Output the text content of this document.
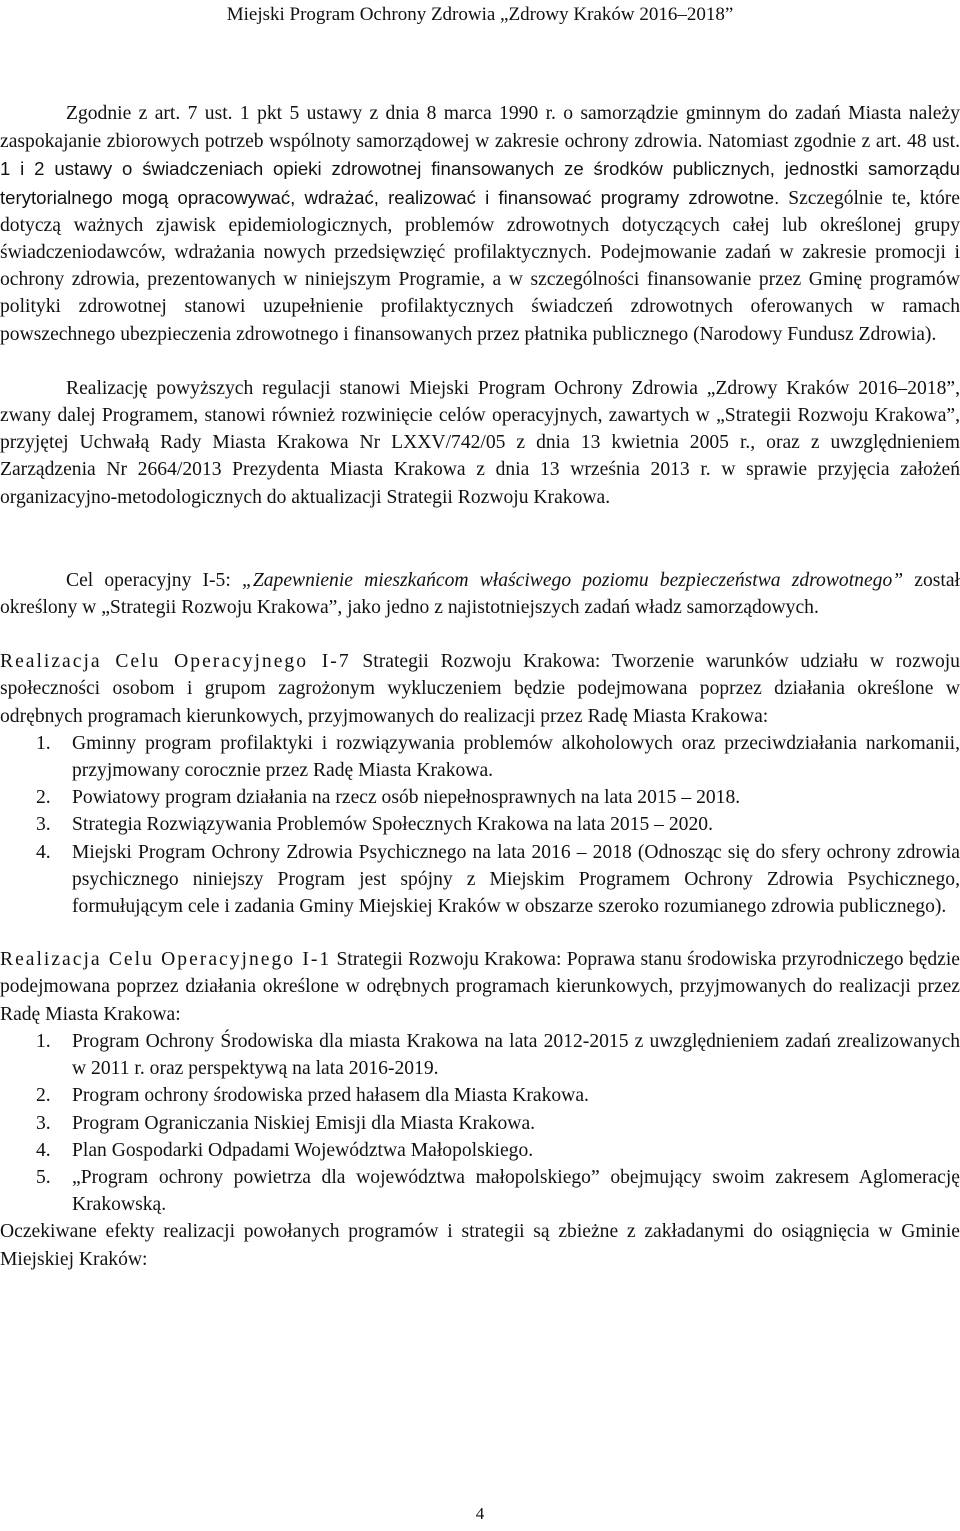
Miejski Program Ochrony Zdrowia „Zdrowy Kraków 2016–2018”

Zgodnie z art. 7 ust. 1 pkt 5 ustawy z dnia 8 marca 1990 r. o samorządzie gminnym do zadań Miasta należy zaspokajanie zbiorowych potrzeb wspólnoty samorządowej w zakresie ochrony zdrowia. Natomiast zgodnie z art. 48 ust. 1 i 2 ustawy o świadczeniach opieki zdrowotnej finansowanych ze środków publicznych, jednostki samorządu terytorialnego mogą opracowywać, wdrażać, realizować i finansować programy zdrowotne. Szczególnie te, które dotyczą ważnych zjawisk epidemiologicznych, problemów zdrowotnych dotyczących całej lub określonej grupy świadczeniodawców, wdrażania nowych przedsięwzięć profilaktycznych. Podejmowanie zadań w zakresie promocji i ochrony zdrowia, prezentowanych w niniejszym Programie, a w szczególności finansowanie przez Gminę programów polityki zdrowotnej stanowi uzupełnienie profilaktycznych świadczeń zdrowotnych oferowanych w ramach powszechnego ubezpieczenia zdrowotnego i finansowanych przez płatnika publicznego (Narodowy Fundusz Zdrowia).

Realizację powyższych regulacji stanowi Miejski Program Ochrony Zdrowia „Zdrowy Kraków 2016–2018”, zwany dalej Programem, stanowi również rozwinięcie celów operacyjnych, zawartych w „Strategii Rozwoju Krakowa”, przyjętej Uchwałą Rady Miasta Krakowa Nr LXXV/742/05 z dnia 13 kwietnia 2005 r., oraz z uwzględnieniem Zarządzenia Nr 2664/2013 Prezydenta Miasta Krakowa z dnia 13 września 2013 r. w sprawie przyjęcia założeń organizacyjno-metodologicznych do aktualizacji Strategii Rozwoju Krakowa.

Cel operacyjny I-5: „Zapewnienie mieszkańcom właściwego poziomu bezpieczeństwa zdrowotnego” został określony w „Strategii Rozwoju Krakowa”, jako jedno z najistotniejszych zadań władz samorządowych.

Realizacja Celu Operacyjnego I-7 Strategii Rozwoju Krakowa: Tworzenie warunków udziału w rozwoju społeczności osobom i grupom zagrożonym wykluczeniem będzie podejmowana poprzez działania określone w odrębnych programach kierunkowych, przyjmowanych do realizacji przez Radę Miasta Krakowa:

1. Gminny program profilaktyki i rozwiązywania problemów alkoholowych oraz przeciwdziałania narkomanii, przyjmowany corocznie przez Radę Miasta Krakowa.
2. Powiatowy program działania na rzecz osób niepełnosprawnych na lata 2015 – 2018.
3. Strategia Rozwiązywania Problemów Społecznych Krakowa na lata 2015 – 2020.
4. Miejski Program Ochrony Zdrowia Psychicznego na lata 2016 – 2018 (Odnosząc się do sfery ochrony zdrowia psychicznego niniejszy Program jest spójny z Miejskim Programem Ochrony Zdrowia Psychicznego, formułującym cele i zadania Gminy Miejskiej Kraków w obszarze szeroko rozumianego zdrowia publicznego).

Realizacja Celu Operacyjnego I-1 Strategii Rozwoju Krakowa: Poprawa stanu środowiska przyrodniczego będzie podejmowana poprzez działania określone w odrębnych programach kierunkowych, przyjmowanych do realizacji przez Radę Miasta Krakowa:

1. Program Ochrony Środowiska dla miasta Krakowa na lata 2012-2015 z uwzględnieniem zadań zrealizowanych w 2011 r. oraz perspektywą na lata 2016-2019.
2. Program ochrony środowiska przed hałasem dla Miasta Krakowa.
3. Program Ograniczania Niskiej Emisji dla Miasta Krakowa.
4. Plan Gospodarki Odpadami Województwa Małopolskiego.
5. „Program ochrony powietrza dla województwa małopolskiego” obejmujący swoim zakresem Aglomerację Krakowską.

Oczekiwane efekty realizacji powołanych programów i strategii są zbieżne z zakładanymi do osiągnięcia w Gminie Miejskiej Kraków:

4
